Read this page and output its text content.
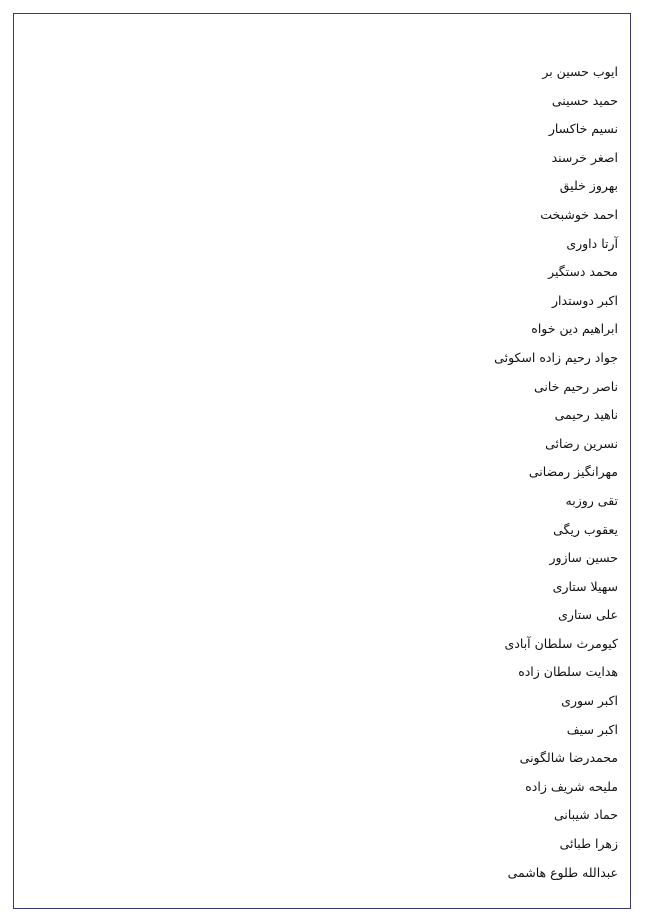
ایوب حسین بر
حمید حسینی
نسیم خاکسار
اصغر خرسند
بهروز خلیق
احمد خوشبخت
آرتا داوری
محمد دستگیر
اکبر دوستدار
ابراهیم دین خواه
جواد رحیم زاده اسکوئی
ناصر رحیم خانی
ناهید رحیمی
نسرین رضائی
مهرانگیز رمضانی
تقی روزبه
یعقوب ریگی
حسین سازور
سهیلا ستاری
علی ستاری
کیومرث سلطان آبادی
هدایت سلطان زاده
اکبر سوری
اکبر سیف
محمدرضا شالگونی
ملیحه شریف زاده
حماد شیبانی
زهرا طبائی
عبدالله طلوع هاشمی
